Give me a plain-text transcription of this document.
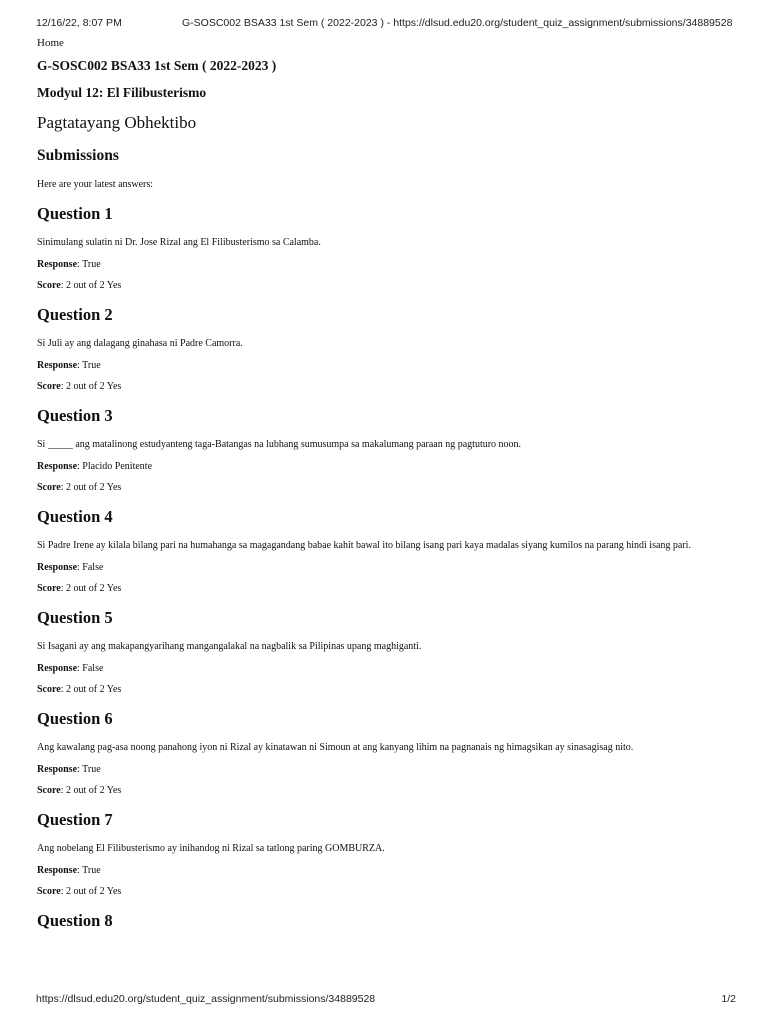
12/16/22, 8:07 PM	G-SOSC002 BSA33 1st Sem ( 2022-2023 ) - https://dlsud.edu20.org/student_quiz_assignment/submissions/34889528
Home
G-SOSC002 BSA33 1st Sem ( 2022-2023 )
Modyul 12: El Filibusterismo
Pagtatayang Obhektibo
Submissions

Here are your latest answers:

Question 1

Sinimulang sulatin ni Dr. Jose Rizal ang El Filibusterismo sa Calamba.

Response: True

Score: 2 out of 2 Yes

Question 2

Si Juli ay ang dalagang ginahasa ni Padre Camorra.

Response: True

Score: 2 out of 2 Yes

Question 3

Si _____ ang matalinong estudyanteng taga-Batangas na lubhang sumusumpa sa makalumang paraan ng pagtuturo noon.

Response: Placido Penitente

Score: 2 out of 2 Yes

Question 4

Si Padre Irene ay kilala bilang pari na humahanga sa magagandang babae kahit bawal ito bilang isang pari kaya madalas siyang kumilos na parang hindi isang pari.

Response: False

Score: 2 out of 2 Yes

Question 5

Si Isagani ay ang makapangyarihang mangangalakal na nagbalik sa Pilipinas upang maghiganti.

Response: False

Score: 2 out of 2 Yes

Question 6

Ang kawalang pag-asa noong panahong iyon ni Rizal ay kinatawan ni Simoun at ang kanyang lihim na pagnanais ng himagsikan ay sinasagisag nito.

Response: True

Score: 2 out of 2 Yes

Question 7

Ang nobelang El Filibusterismo ay inihandog ni Rizal sa tatlong paring GOMBURZA.

Response: True

Score: 2 out of 2 Yes

Question 8
https://dlsud.edu20.org/student_quiz_assignment/submissions/34889528	1/2
